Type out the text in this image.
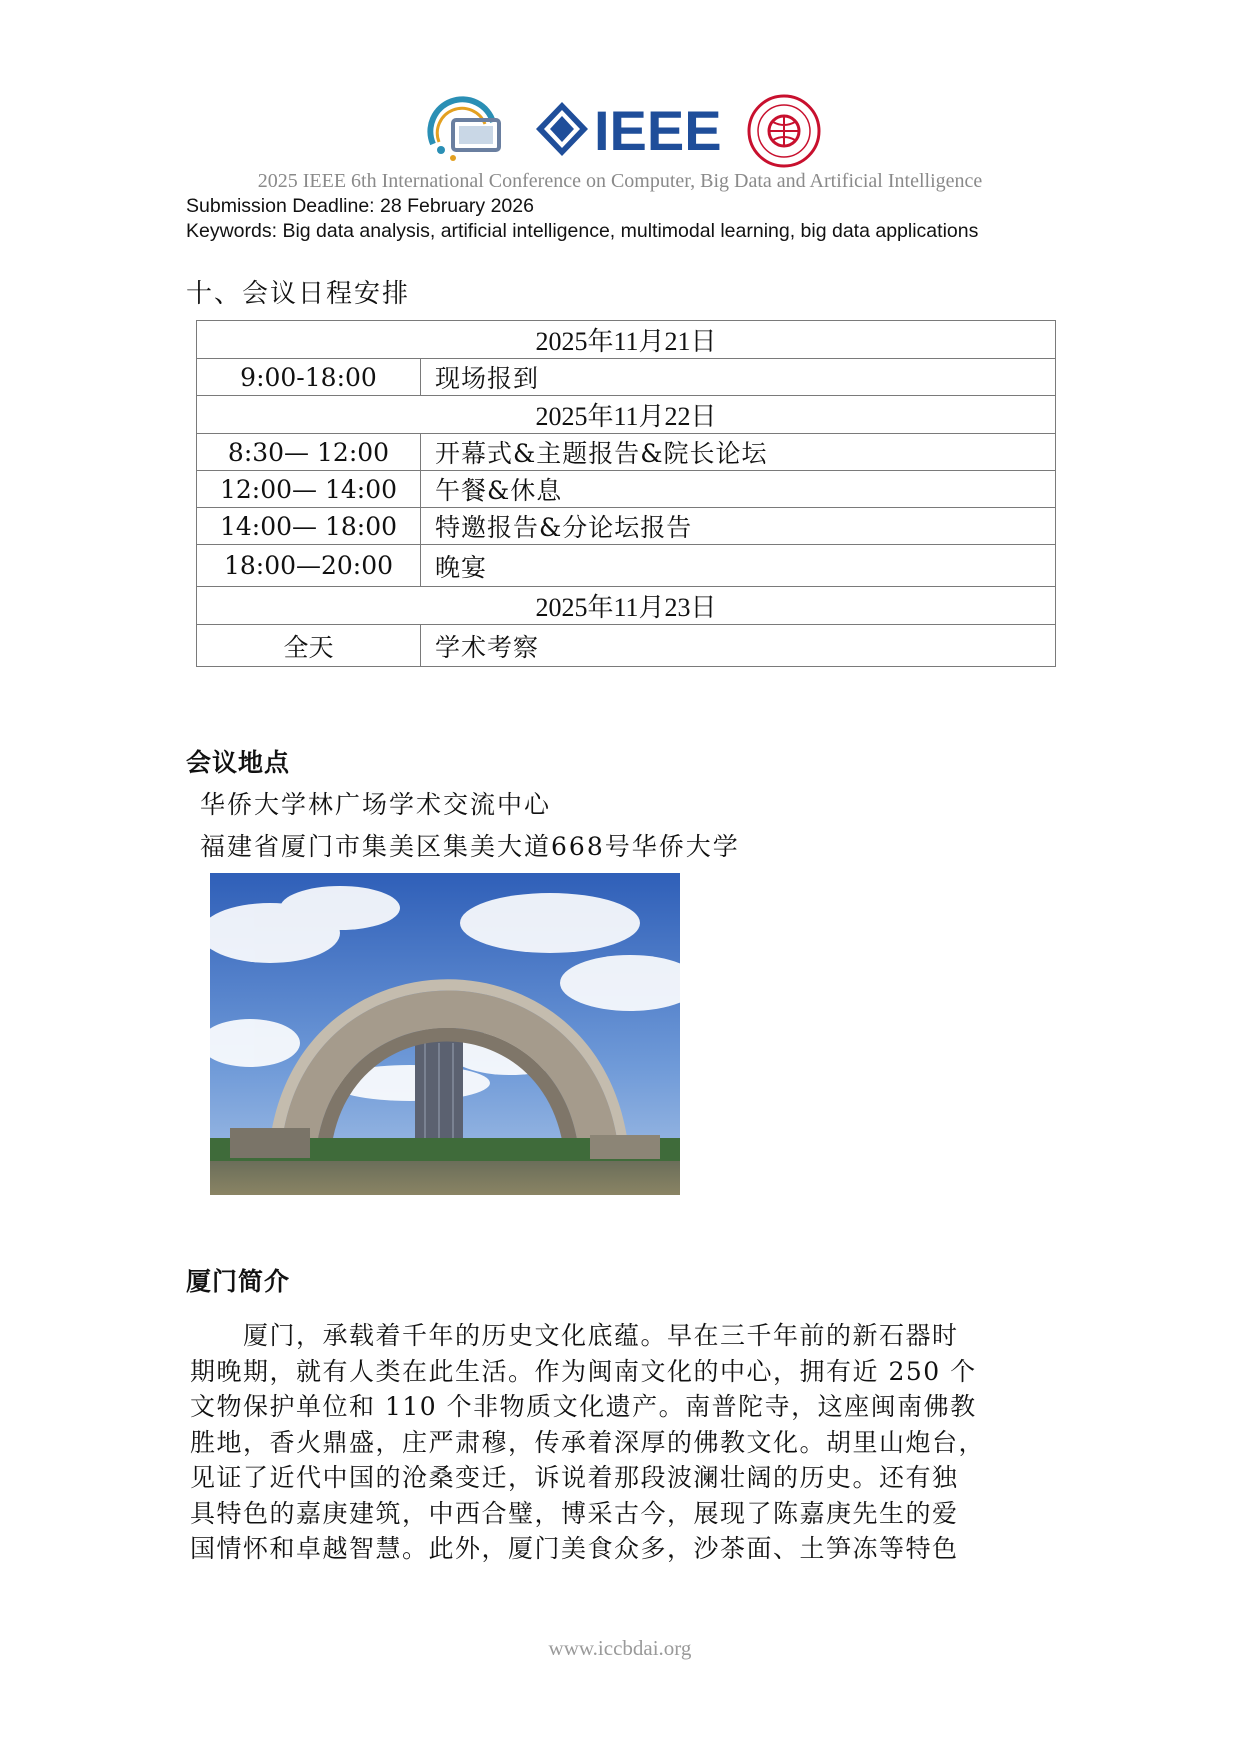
IEEE
2025 IEEE 6th International Conference on Computer, Big Data and Artificial Intelligence
Submission Deadline: 28 February 2026
Keywords: Big data analysis, artificial intelligence, multimodal learning, big data applications
十、会议日程安排
2025年11月21日	
9:00-18:00	现场报到
2025年11月22日	
8:30— 12:00	开幕式&主题报告&院长论坛
12:00— 14:00	午餐&休息
14:00— 18:00	特邀报告&分论坛报告
18:00—20:00	晚宴
2025年11月23日	
全天	学术考察
会议地点
华侨大学林广场学术交流中心
福建省厦门市集美区集美大道668号华侨大学
厦门简介
　　厦门，承载着千年的历史文化底蕴。早在三千年前的新石器时
期晚期，就有人类在此生活。作为闽南文化的中心，拥有近 250 个
文物保护单位和 110 个非物质文化遗产。南普陀寺，这座闽南佛教
胜地，香火鼎盛，庄严肃穆，传承着深厚的佛教文化。胡里山炮台，
见证了近代中国的沧桑变迁，诉说着那段波澜壮阔的历史。还有独
具特色的嘉庚建筑，中西合璧，博采古今，展现了陈嘉庚先生的爱
国情怀和卓越智慧。此外，厦门美食众多，沙茶面、土笋冻等特色
www.iccbdai.org
